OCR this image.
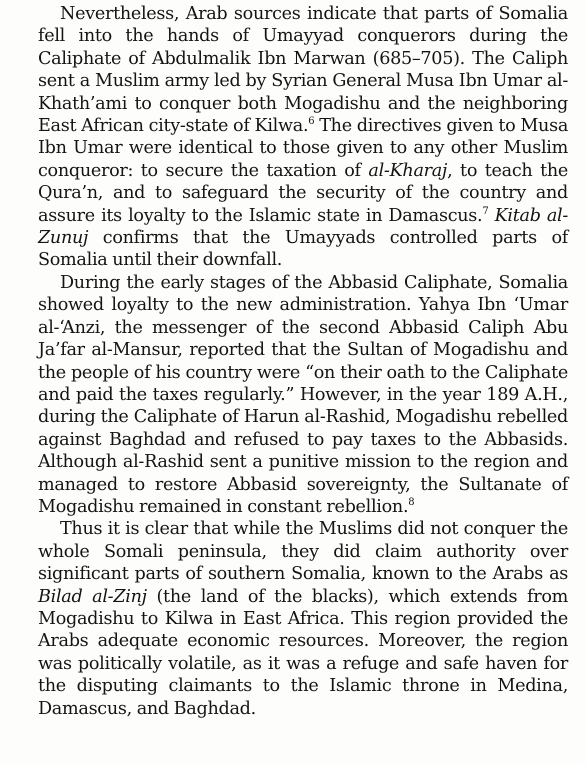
Nevertheless, Arab sources indicate that parts of Somalia fell into the hands of Umayyad conquerors during the Caliphate of Abdulmalik Ibn Marwan (685–705). The Caliph sent a Muslim army led by Syrian General Musa Ibn Umar al-Khath’ami to conquer both Mogadishu and the neighboring East African city-state of Kilwa.$^6$ The directives given to Musa Ibn Umar were identical to those given to any other Muslim conqueror: to secure the taxation of al-Kharaj, to teach the Qura’n, and to safeguard the security of the country and assure its loyalty to the Islamic state in Damascus.$^7$ Kitab al-Zunuj confirms that the Umayyads controlled parts of Somalia until their downfall.

During the early stages of the Abbasid Caliphate, Somalia showed loyalty to the new administration. Yahya Ibn ‘Umar al-‘Anzi, the messenger of the second Abbasid Caliph Abu Ja’far al-Mansur, reported that the Sultan of Mogadishu and the people of his country were “on their oath to the Caliphate and paid the taxes regularly.” However, in the year 189 A.H., during the Caliphate of Harun al-Rashid, Mogadishu rebelled against Baghdad and refused to pay taxes to the Abbasids. Although al-Rashid sent a punitive mission to the region and managed to restore Abbasid sovereignty, the Sultanate of Mogadishu remained in constant rebellion.$^8$

Thus it is clear that while the Muslims did not conquer the whole Somali peninsula, they did claim authority over significant parts of southern Somalia, known to the Arabs as Bilad al-Zinj (the land of the blacks), which extends from Mogadishu to Kilwa in East Africa. This region provided the Arabs adequate economic resources. Moreover, the region was politically volatile, as it was a refuge and safe haven for the disputing claimants to the Islamic throne in Medina, Damascus, and Baghdad.
